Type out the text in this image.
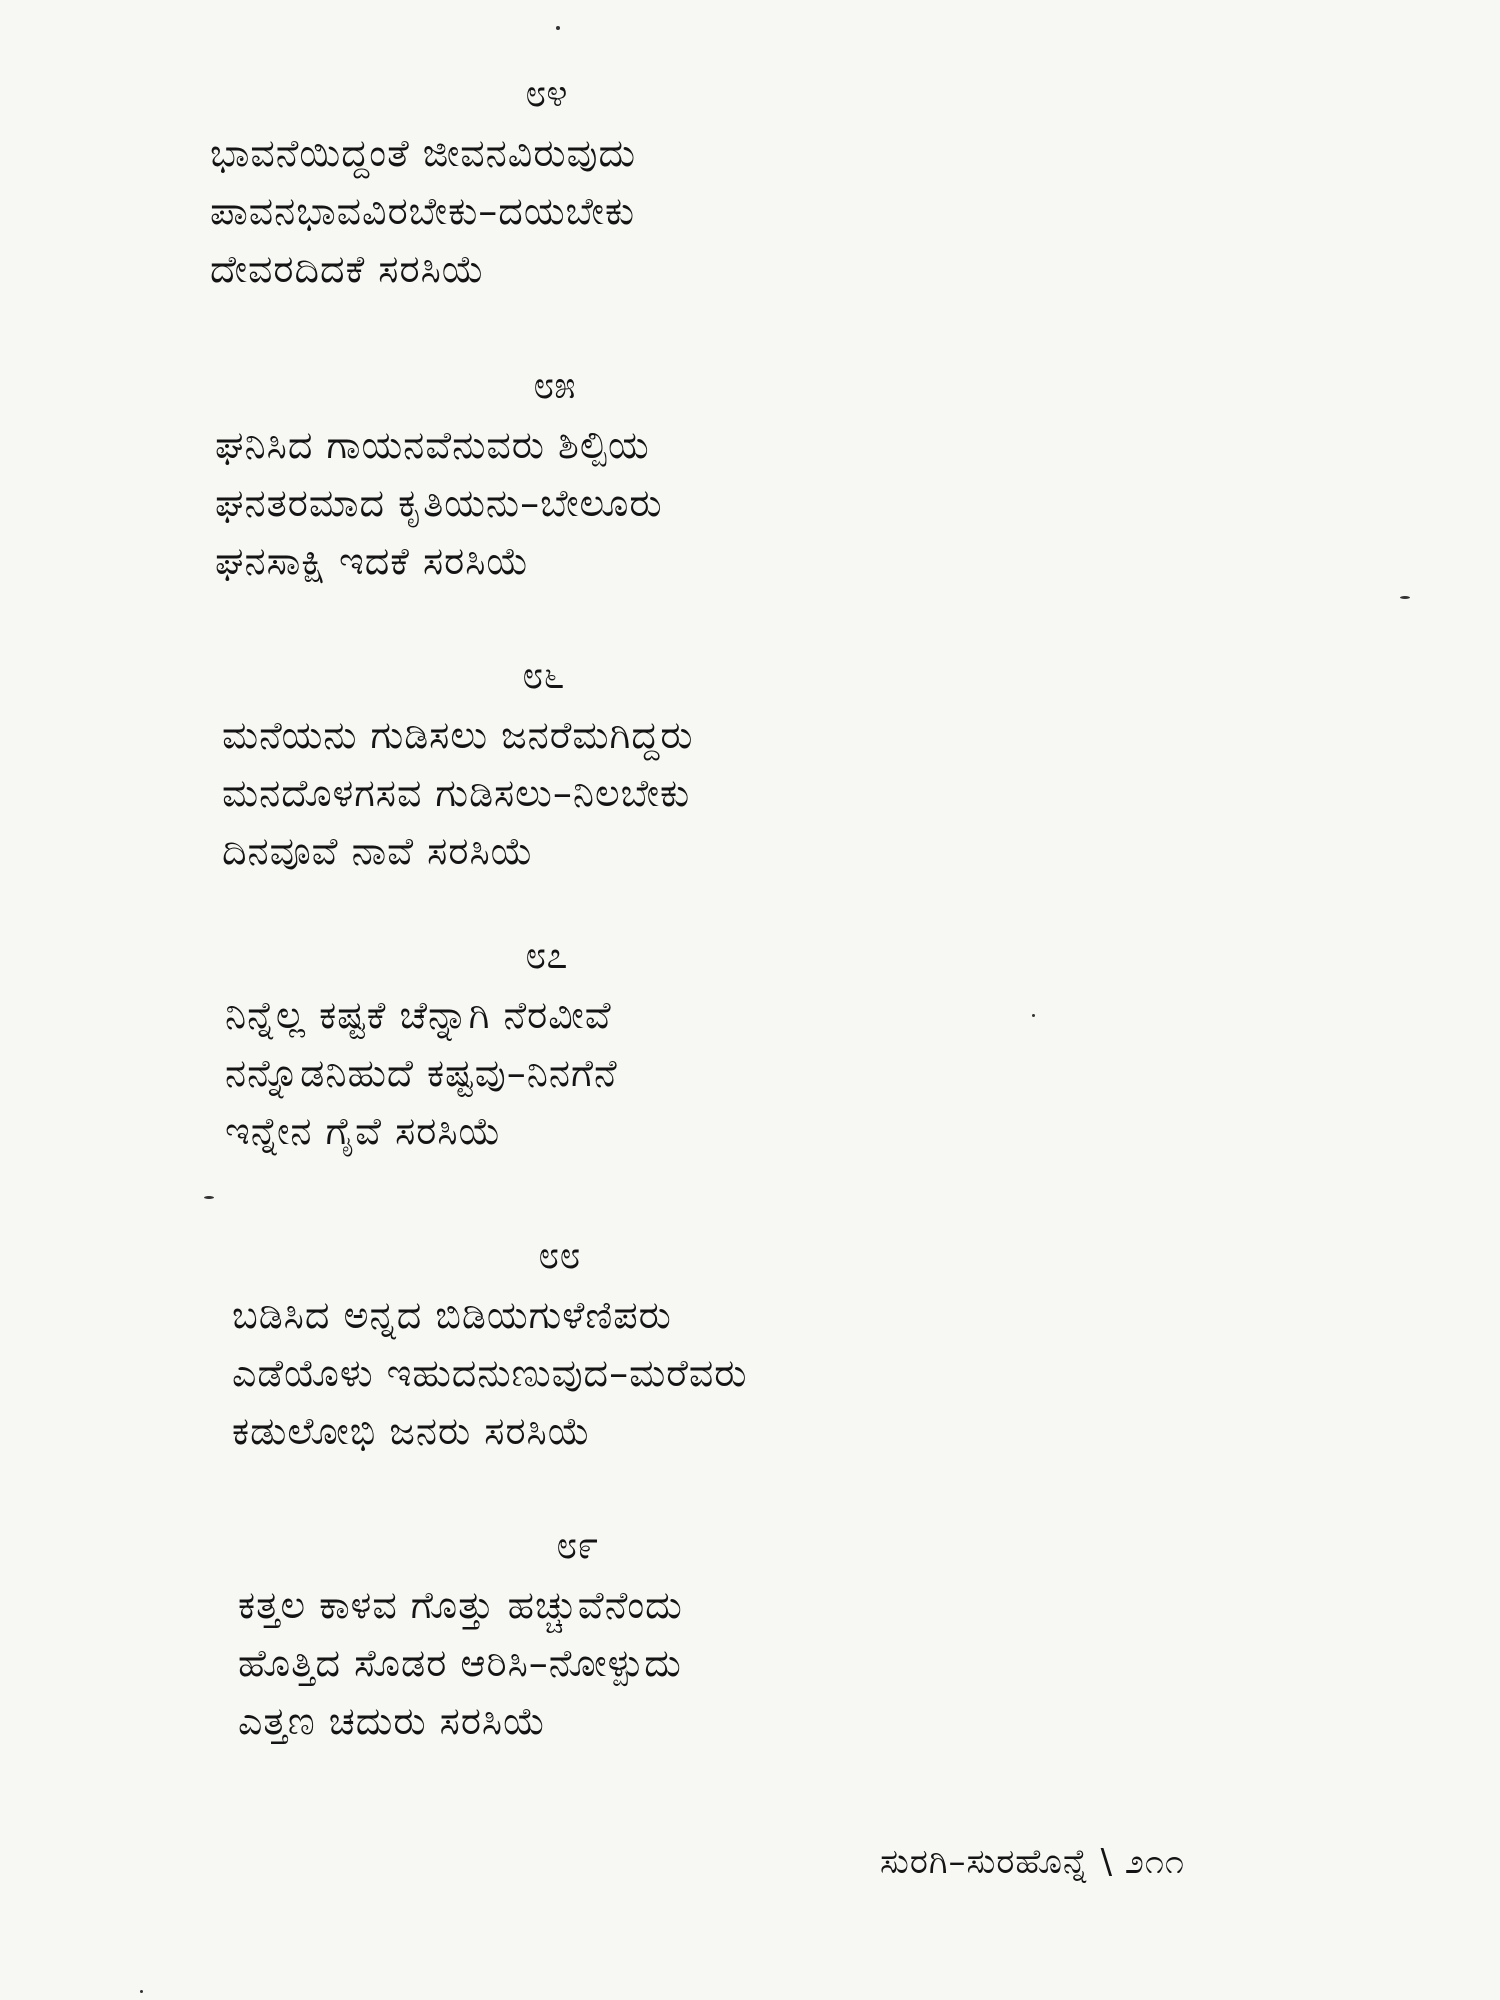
೮೪
ಭಾವನೆಯಿದ್ದಂತೆ ಜೀವನವಿರುವುದು
ಪಾವನಭಾವವಿರಬೇಕು–ದಯಬೇಕು
ದೇವರದಿದಕೆ ಸರಸಿಯೆ
೮೫
ಘನಿಸಿದ ಗಾಯನವೆನುವರು ಶಿಲ್ಪಿಯ
ಘನತರಮಾದ ಕೃತಿಯನು–ಬೇಲೂರು
ಘನಸಾಕ್ಷಿ ಇದಕೆ ಸರಸಿಯೆ
೮೬
ಮನೆಯನು ಗುಡಿಸಲು ಜನರೆಮಗಿದ್ದರು
ಮನದೊಳಗಸವ ಗುಡಿಸಲು–ನಿಲಬೇಕು
ದಿನವೂವೆ ನಾವೆ ಸರಸಿಯೆ
೮೭
ನಿನ್ನೆಲ್ಲ ಕಷ್ಟಕೆ ಚೆನ್ನಾಗಿ ನೆರವೀವೆ
ನನ್ನೊಡನಿಹುದೆ ಕಷ್ಟವು–ನಿನಗೆನೆ
ಇನ್ನೇನ ಗೈವೆ ಸರಸಿಯೆ
೮೮
ಬಡಿಸಿದ ಅನ್ನದ ಬಿಡಿಯಗುಳೆಣಿಪರು
ಎಡೆಯೊಳು ಇಹುದನುಣುವುದ–ಮರೆವರು
ಕಡುಲೋಭಿ ಜನರು ಸರಸಿಯೆ
೮೯
ಕತ್ತಲ ಕಾಳವ ಗೊತ್ತು ಹಚ್ಚುವೆನೆಂದು
ಹೊತ್ತಿದ ಸೊಡರ ಆರಿಸಿ–ನೋಳ್ಪುದು
ಎತ್ತಣ ಚದುರು ಸರಸಿಯೆ
ಸುರಗಿ–ಸುರಹೊನ್ನೆ \ ೨೧೧
